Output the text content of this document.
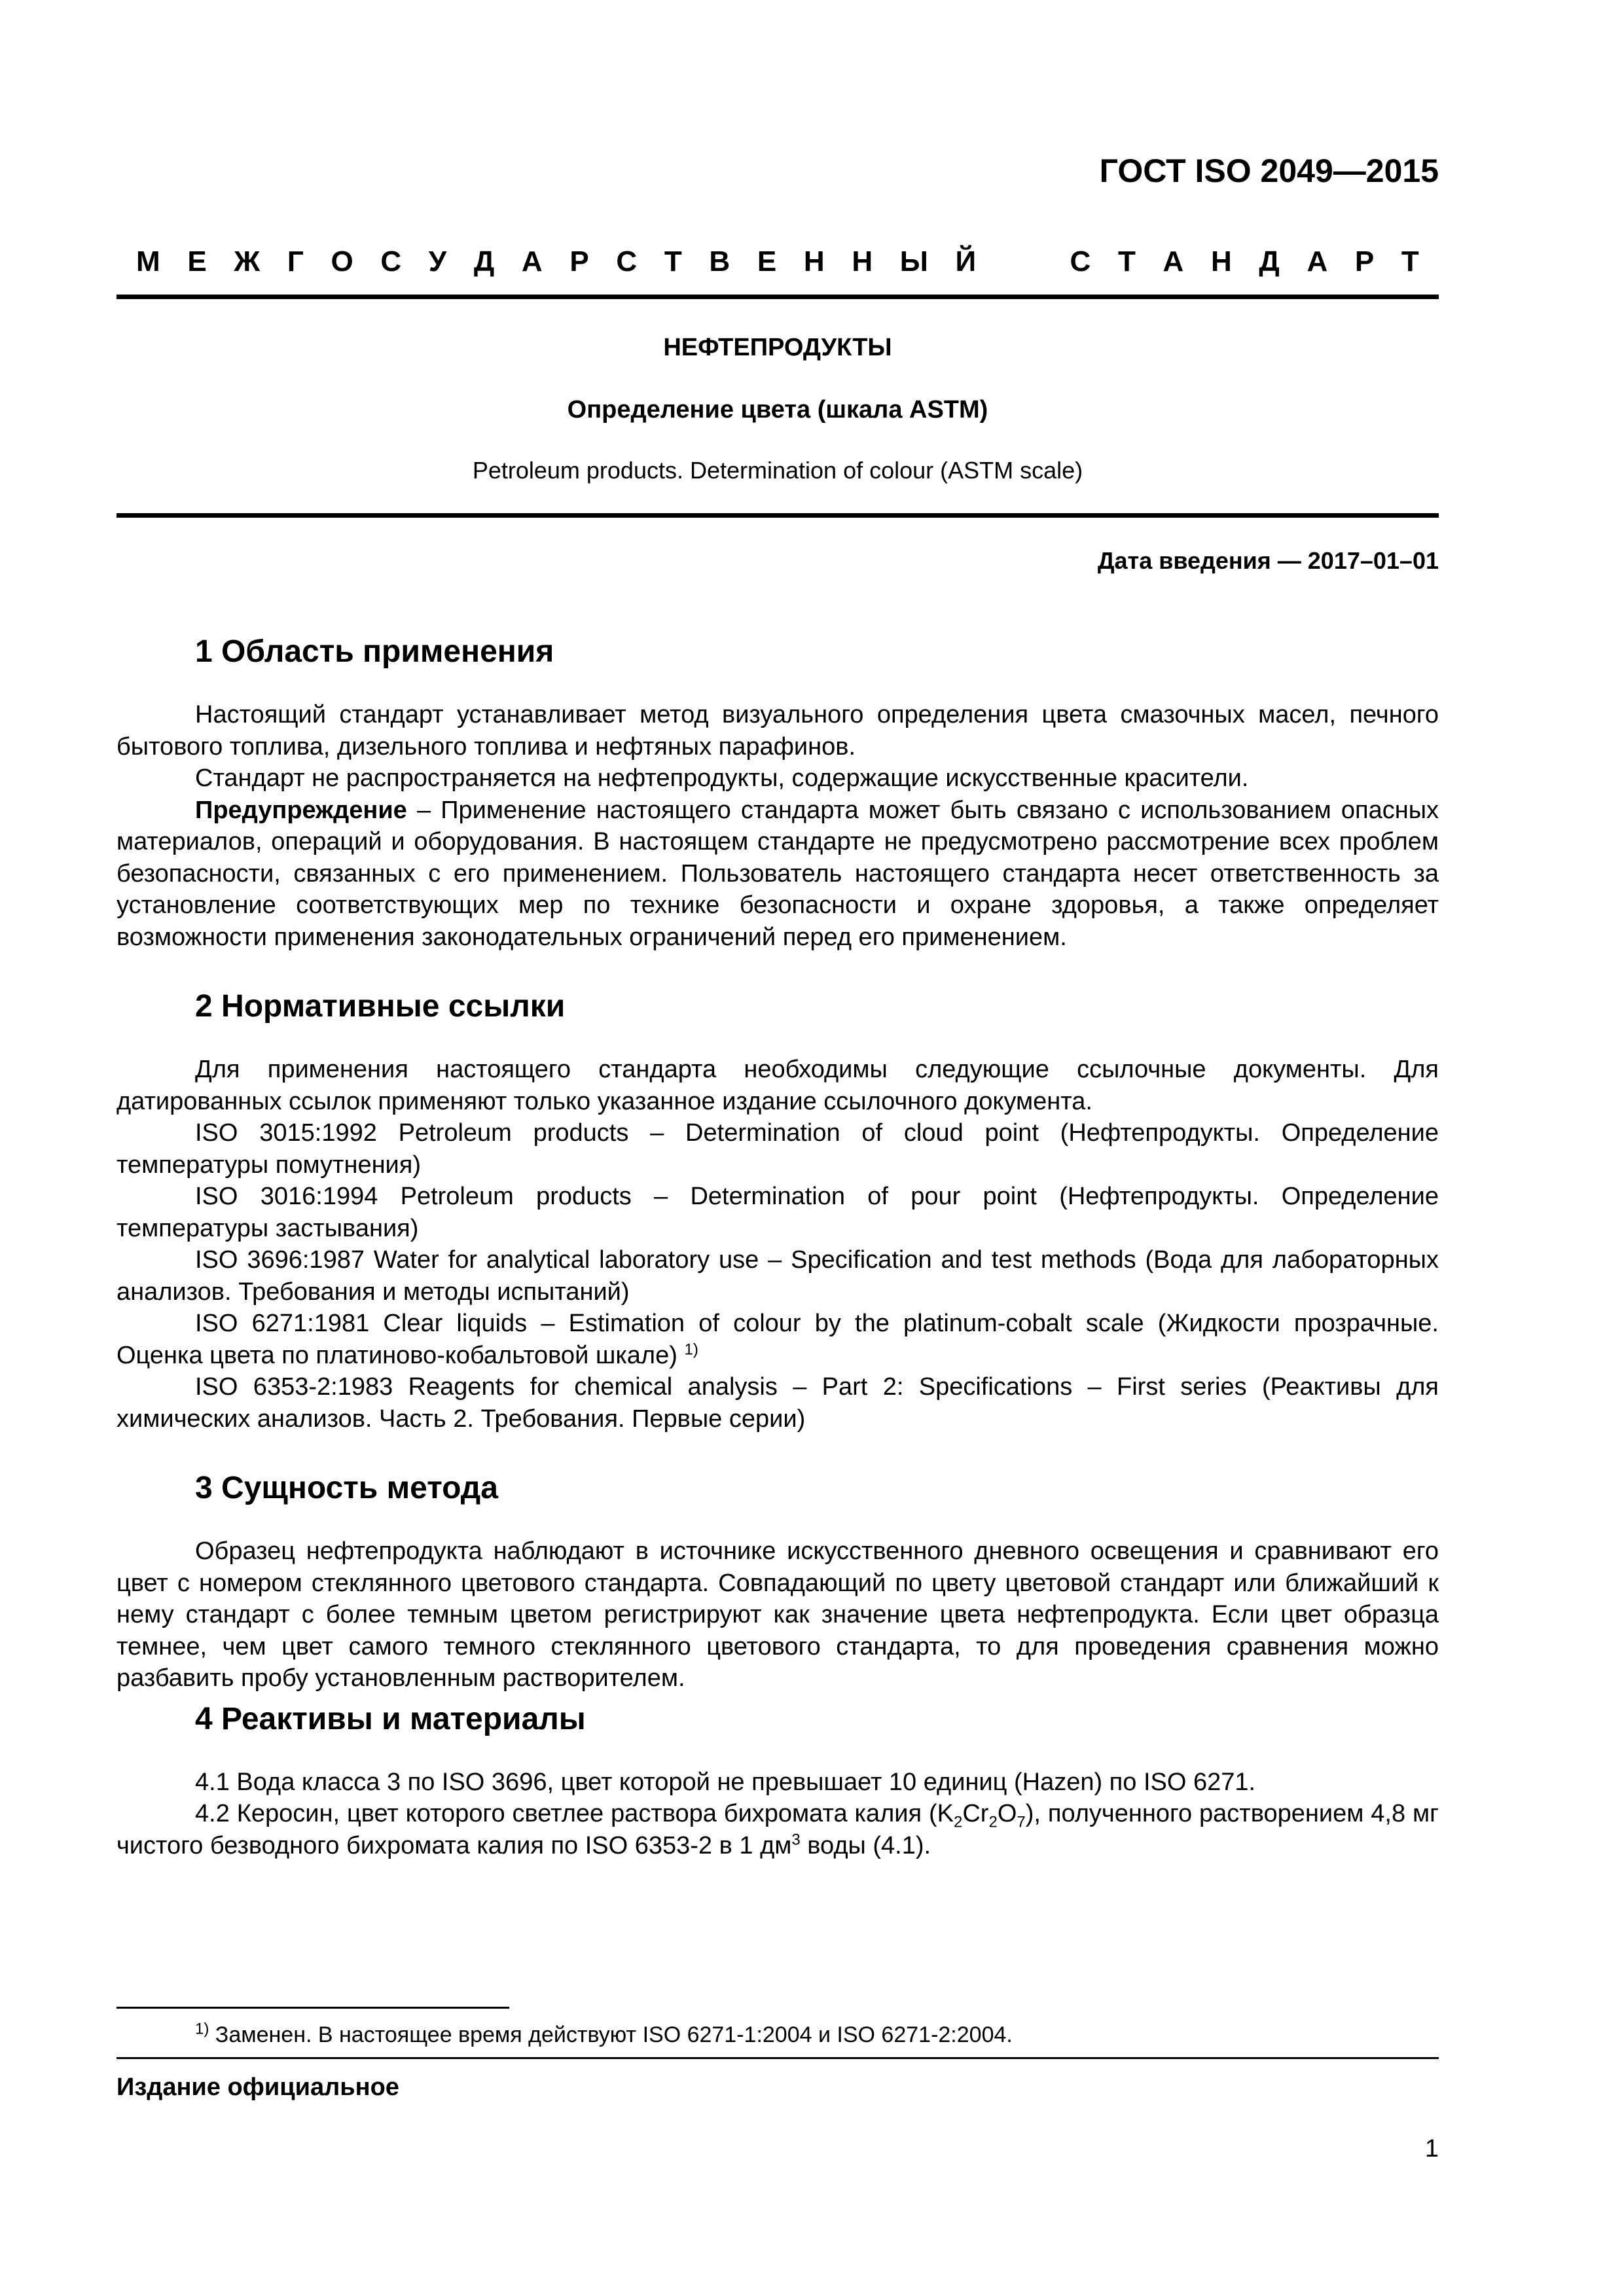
ГОСТ ISO 2049—2015
М Е Ж Г О С У Д А Р С Т В Е Н Н Ы Й	С Т А Н Д А Р Т
НЕФТЕПРОДУКТЫ
Определение цвета (шкала ASTM)
Petroleum products. Determination of colour (ASTM scale)
Дата введения — 2017–01–01
1 Область применения

Настоящий стандарт устанавливает метод визуального определения цвета смазочных масел, печного бытового топлива, дизельного топлива и нефтяных парафинов.

Стандарт не распространяется на нефтепродукты, содержащие искусственные красители.

Предупреждение – Применение настоящего стандарта может быть связано с использованием опасных материалов, операций и оборудования. В настоящем стандарте не предусмотрено рассмотрение всех проблем безопасности, связанных с его применением. Пользователь настоящего стандарта несет ответственность за установление соответствующих мер по технике безопасности и охране здоровья, а также определяет возможности применения законодательных ограничений перед его применением.

2 Нормативные ссылки

Для применения настоящего стандарта необходимы следующие ссылочные документы. Для датированных ссылок применяют только указанное издание ссылочного документа.

ISO 3015:1992 Petroleum products – Determination of cloud point (Нефтепродукты. Определение температуры помутнения)

ISO 3016:1994 Petroleum products – Determination of pour point (Нефтепродукты. Определение температуры застывания)

ISO 3696:1987 Water for analytical laboratory use – Specification and test methods (Вода для лабораторных анализов. Требования и методы испытаний)

ISO 6271:1981 Clear liquids – Estimation of colour by the platinum-cobalt scale (Жидкости прозрачные. Оценка цвета по платиново-кобальтовой шкале) $^{1)}$

ISO 6353-2:1983 Reagents for chemical analysis – Part 2: Specifications – First series (Реактивы для химических анализов. Часть 2. Требования. Первые серии)

3 Сущность метода

Образец нефтепродукта наблюдают в источнике искусственного дневного освещения и сравнивают его цвет с номером стеклянного цветового стандарта. Совпадающий по цвету цветовой стандарт или ближайший к нему стандарт с более темным цветом регистрируют как значение цвета нефтепродукта. Если цвет образца темнее, чем цвет самого темного стеклянного цветового стандарта, то для проведения сравнения можно разбавить пробу установленным растворителем.

4 Реактивы и материалы

4.1 Вода класса 3 по ISO 3696, цвет которой не превышает 10 единиц (Hazen) по ISO 6271.

4.2 Керосин, цвет которого светлее раствора бихромата калия $(K_2Cr_2O_7)$, полученного растворением 4,8 мг чистого безводного бихромата калия по ISO 6353-2 в 1 $дм^3$ воды (4.1).

$^{1)}$ Заменен. В настоящее время действуют ISO 6271-1:2004 и ISO 6271-2:2004.
Издание официальное
1
